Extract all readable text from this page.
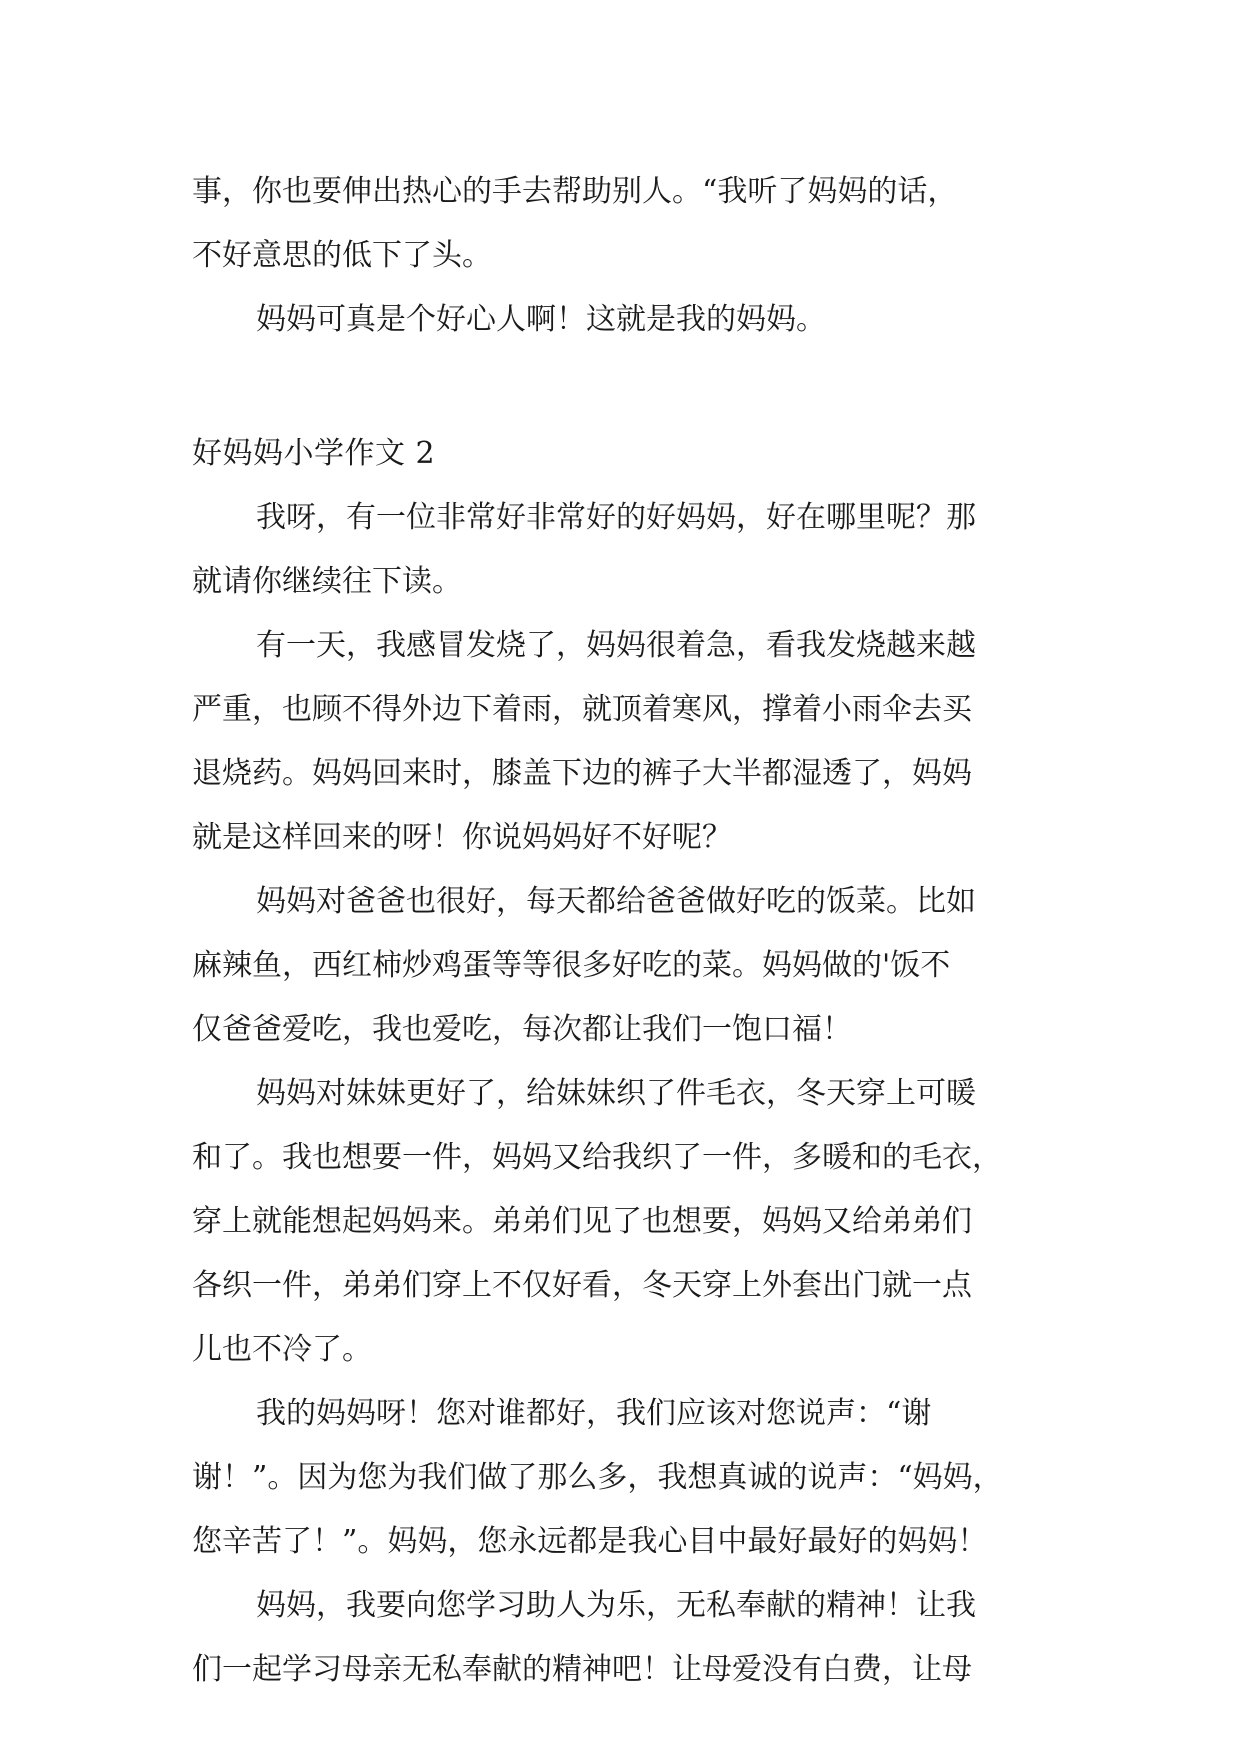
事，你也要伸出热心的手去帮助别人。“我听了妈妈的话，
不好意思的低下了头。
妈妈可真是个好心人啊！这就是我的妈妈。
好妈妈小学作文 2
我呀，有一位非常好非常好的好妈妈，好在哪里呢？那
就请你继续往下读。
有一天，我感冒发烧了，妈妈很着急，看我发烧越来越
严重，也顾不得外边下着雨，就顶着寒风，撑着小雨伞去买
退烧药。妈妈回来时，膝盖下边的裤子大半都湿透了，妈妈
就是这样回来的呀！你说妈妈好不好呢？
妈妈对爸爸也很好，每天都给爸爸做好吃的饭菜。比如
麻辣鱼，西红柿炒鸡蛋等等很多好吃的菜。妈妈做的'饭不
仅爸爸爱吃，我也爱吃，每次都让我们一饱口福！
妈妈对妹妹更好了，给妹妹织了件毛衣，冬天穿上可暖
和了。我也想要一件，妈妈又给我织了一件，多暖和的毛衣，
穿上就能想起妈妈来。弟弟们见了也想要，妈妈又给弟弟们
各织一件，弟弟们穿上不仅好看，冬天穿上外套出门就一点
儿也不冷了。
我的妈妈呀！您对谁都好，我们应该对您说声：“谢
谢！”。因为您为我们做了那么多，我想真诚的说声：“妈妈，
您辛苦了！”。妈妈，您永远都是我心目中最好最好的妈妈！
妈妈，我要向您学习助人为乐，无私奉献的精神！让我
们一起学习母亲无私奉献的精神吧！让母爱没有白费，让母
